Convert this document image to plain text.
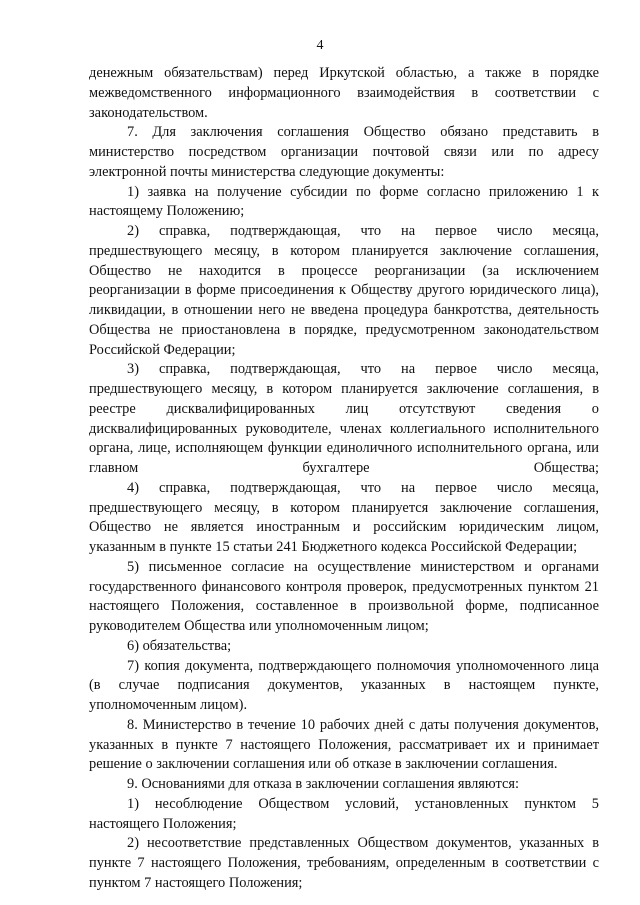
4

денежным обязательствам) перед Иркутской областью, а также в порядке межведомственного информационного взаимодействия в соответствии с законодательством.

7. Для заключения соглашения Общество обязано представить в министерство посредством организации почтовой связи или по адресу электронной почты министерства следующие документы:

1) заявка на получение субсидии по форме согласно приложению 1 к настоящему Положению;

2) справка, подтверждающая, что на первое число месяца, предшествующего месяцу, в котором планируется заключение соглашения, Общество не находится в процессе реорганизации (за исключением реорганизации в форме присоединения к Обществу другого юридического лица), ликвидации, в отношении него не введена процедура банкротства, деятельность Общества не приостановлена в порядке, предусмотренном законодательством Российской Федерации;

3) справка, подтверждающая, что на первое число месяца, предшествующего месяцу, в котором планируется заключение соглашения, в реестре дисквалифицированных лиц отсутствуют сведения о дисквалифицированных руководителе, членах коллегиального исполнительного органа, лице, исполняющем функции единоличного исполнительного органа, или главном бухгалтере Общества;

4) справка, подтверждающая, что на первое число месяца, предшествующего месяцу, в котором планируется заключение соглашения, Общество не является иностранным и российским юридическим лицом, указанным в пункте 15 статьи 241 Бюджетного кодекса Российской Федерации;

5) письменное согласие на осуществление министерством и органами государственного финансового контроля проверок, предусмотренных пунктом 21 настоящего Положения, составленное в произвольной форме, подписанное руководителем Общества или уполномоченным лицом;

6) обязательства;

7) копия документа, подтверждающего полномочия уполномоченного лица (в случае подписания документов, указанных в настоящем пункте, уполномоченным лицом).

8. Министерство в течение 10 рабочих дней с даты получения документов, указанных в пункте 7 настоящего Положения, рассматривает их и принимает решение о заключении соглашения или об отказе в заключении соглашения.

9. Основаниями для отказа в заключении соглашения являются:

1) несоблюдение Обществом условий, установленных пунктом 5 настоящего Положения;

2) несоответствие представленных Обществом документов, указанных в пункте 7 настоящего Положения, требованиям, определенным в соответствии с пунктом 7 настоящего Положения;
